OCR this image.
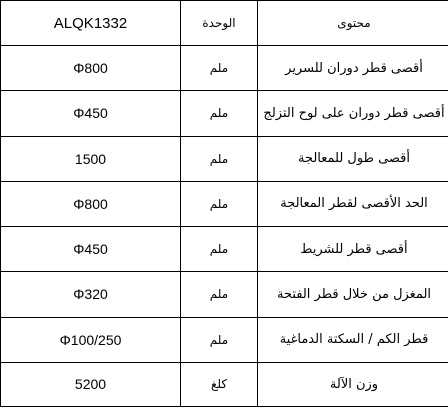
محتوى	الوحدة	ALQK1332
أقصى قطر دوران للسرير	ملم	Φ800
أقصى قطر دوران على لوح التزلج	ملم	Φ450
أقصى طول للمعالجة	ملم	1500
الحد الأقصى لقطر المعالجة	ملم	Φ800
أقصى قطر للشريط	ملم	Φ450
المغزل من خلال قطر الفتحة	ملم	Φ320
قطر الكم / السكتة الدماغية	ملم	Φ100/250
وزن الآلة	كلغ	5200
